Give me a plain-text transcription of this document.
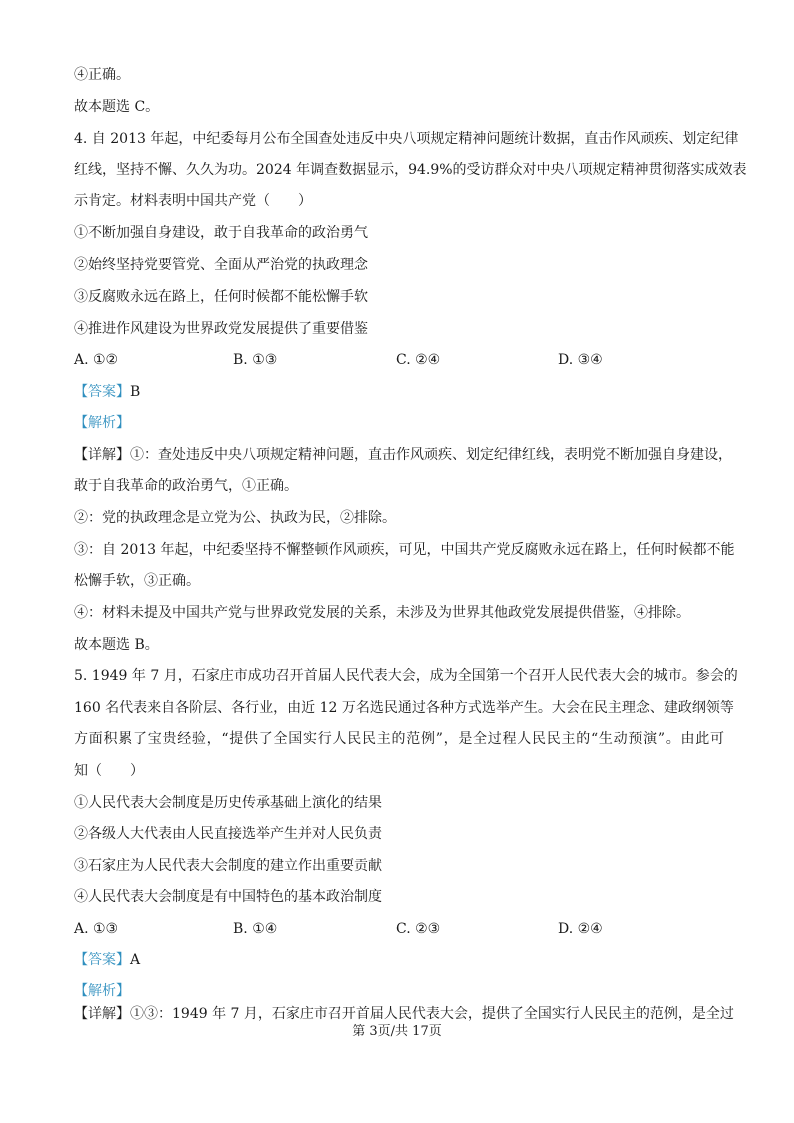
④正确。
故本题选 C。
4. 自 2013 年起，中纪委每月公布全国查处违反中央八项规定精神问题统计数据，直击作风顽疾、划定纪律
红线，坚持不懈、久久为功。2024 年调查数据显示，94.9%的受访群众对中央八项规定精神贯彻落实成效表
示肯定。材料表明中国共产党（　　）
①不断加强自身建设，敢于自我革命的政治勇气
②始终坚持党要管党、全面从严治党的执政理念
③反腐败永远在路上，任何时候都不能松懈手软
④推进作风建设为世界政党发展提供了重要借鉴
A. ①②	B. ①③	C. ②④	D. ③④
【答案】B
【解析】
【详解】①：查处违反中央八项规定精神问题，直击作风顽疾、划定纪律红线，表明党不断加强自身建设，
敢于自我革命的政治勇气，①正确。
②：党的执政理念是立党为公、执政为民，②排除。
③：自 2013 年起，中纪委坚持不懈整顿作风顽疾，可见，中国共产党反腐败永远在路上，任何时候都不能
松懈手软，③正确。
④：材料未提及中国共产党与世界政党发展的关系，未涉及为世界其他政党发展提供借鉴，④排除。
故本题选 B。
5. 1949 年 7 月，石家庄市成功召开首届人民代表大会，成为全国第一个召开人民代表大会的城市。参会的
160 名代表来自各阶层、各行业，由近 12 万名选民通过各种方式选举产生。大会在民主理念、建政纲领等
方面积累了宝贵经验，“提供了全国实行人民民主的范例”，是全过程人民民主的“生动预演”。由此可
知（　　）
①人民代表大会制度是历史传承基础上演化的结果
②各级人大代表由人民直接选举产生并对人民负责
③石家庄为人民代表大会制度的建立作出重要贡献
④人民代表大会制度是有中国特色的基本政治制度
A. ①③	B. ①④	C. ②③	D. ②④
【答案】A
【解析】
【详解】①③：1949 年 7 月，石家庄市召开首届人民代表大会，提供了全国实行人民民主的范例，是全过
第 3页/共 17页
